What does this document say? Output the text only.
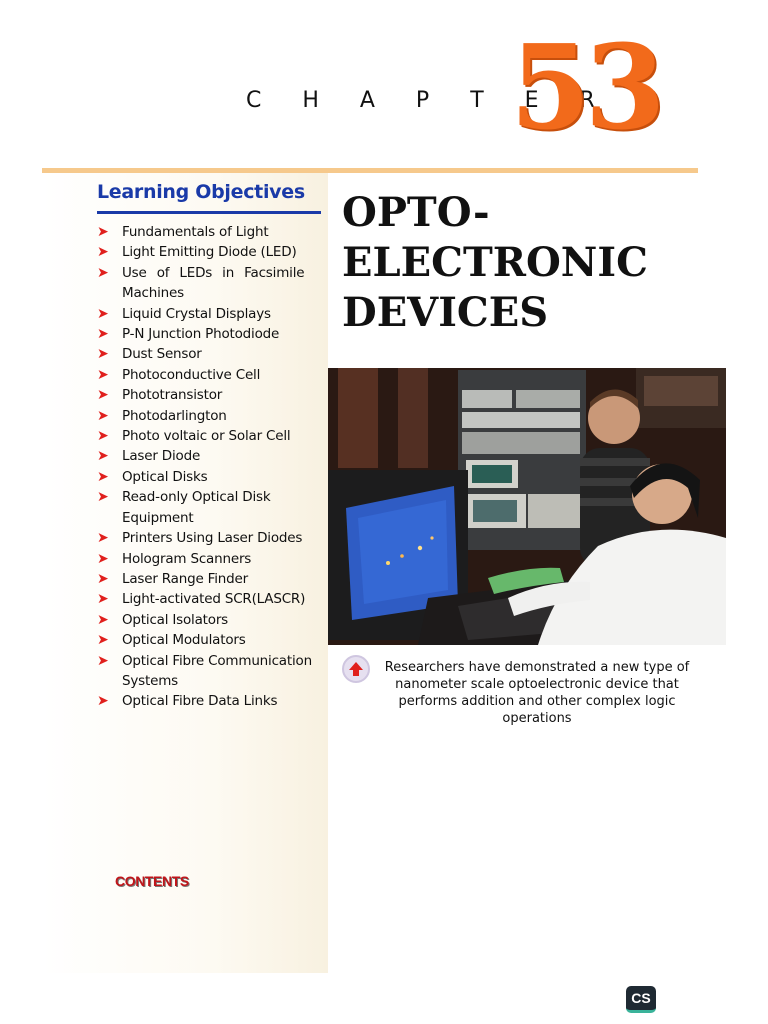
C H A P T E R
53
Learning Objectives
➤ Fundamentals of Light
➤ Light Emitting Diode (LED)
➤ Use of LEDs in Facsimile Machines
➤ Liquid Crystal Displays
➤ P-N Junction Photodiode
➤ Dust Sensor
➤ Photoconductive Cell
➤ Phototransistor
➤ Photodarlington
➤ Photo voltaic or Solar Cell
➤ Laser Diode
➤ Optical Disks
➤ Read-only Optical Disk Equipment
➤ Printers Using Laser Diodes
➤ Hologram Scanners
➤ Laser Range Finder
➤ Light-activated SCR(LASCR)
➤ Optical Isolators
➤ Optical Modulators
➤ Optical Fibre Communication Systems
➤ Optical Fibre Data Links
OPTO-
ELECTRONIC
DEVICES
Researchers have demonstrated a new type of nanometer scale optoelectronic device that performs addition and other complex logic operations
CONTENTS
CS
